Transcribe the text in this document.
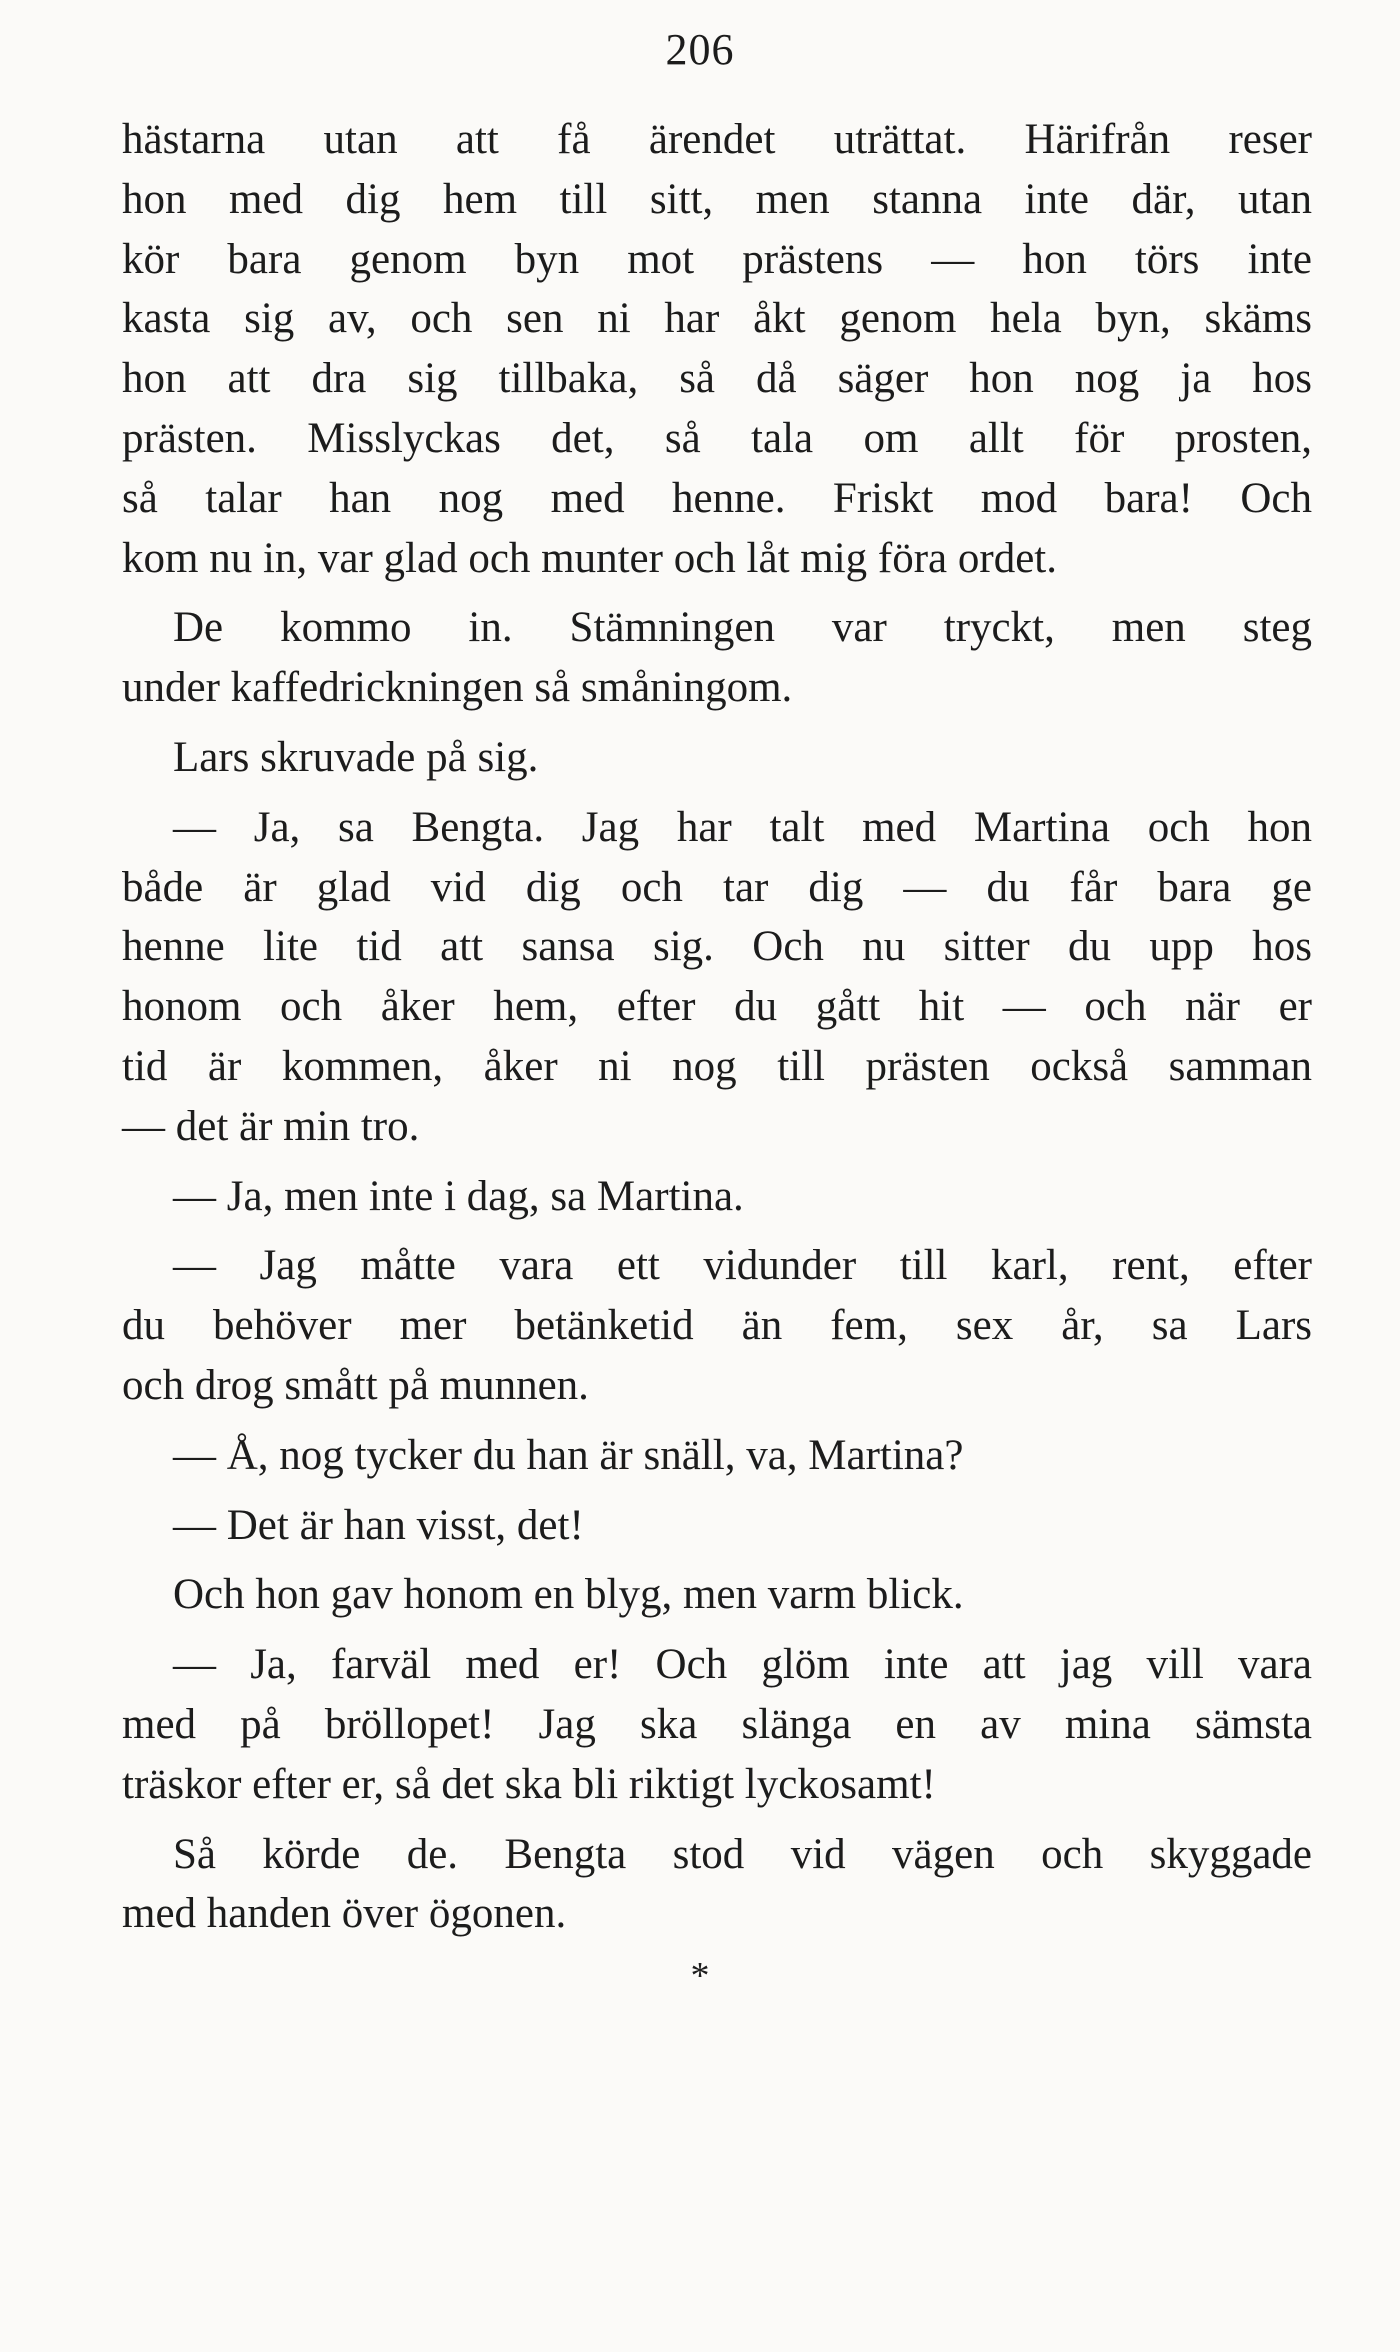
206

hästarna utan att få ärendet uträttat. Härifrån reser
hon med dig hem till sitt, men stanna inte där, utan
kör bara genom byn mot prästens — hon törs inte
kasta sig av, och sen ni har åkt genom hela byn, skäms
hon att dra sig tillbaka, så då säger hon nog ja hos
prästen. Misslyckas det, så tala om allt för prosten,
så talar han nog med henne. Friskt mod bara! Och
kom nu in, var glad och munter och låt mig föra ordet.

De kommo in. Stämningen var tryckt, men steg
under kaffedrickningen så småningom.

Lars skruvade på sig.

— Ja, sa Bengta. Jag har talt med Martina och hon
både är glad vid dig och tar dig — du får bara ge
henne lite tid att sansa sig. Och nu sitter du upp hos
honom och åker hem, efter du gått hit — och när er
tid är kommen, åker ni nog till prästen också samman
— det är min tro.

— Ja, men inte i dag, sa Martina.

— Jag måtte vara ett vidunder till karl, rent, efter
du behöver mer betänketid än fem, sex år, sa Lars
och drog smått på munnen.

— Å, nog tycker du han är snäll, va, Martina?

— Det är han visst, det!

Och hon gav honom en blyg, men varm blick.

— Ja, farväl med er! Och glöm inte att jag vill vara
med på bröllopet! Jag ska slänga en av mina sämsta
träskor efter er, så det ska bli riktigt lyckosamt!

Så körde de. Bengta stod vid vägen och skyggade
med handen över ögonen.

*
